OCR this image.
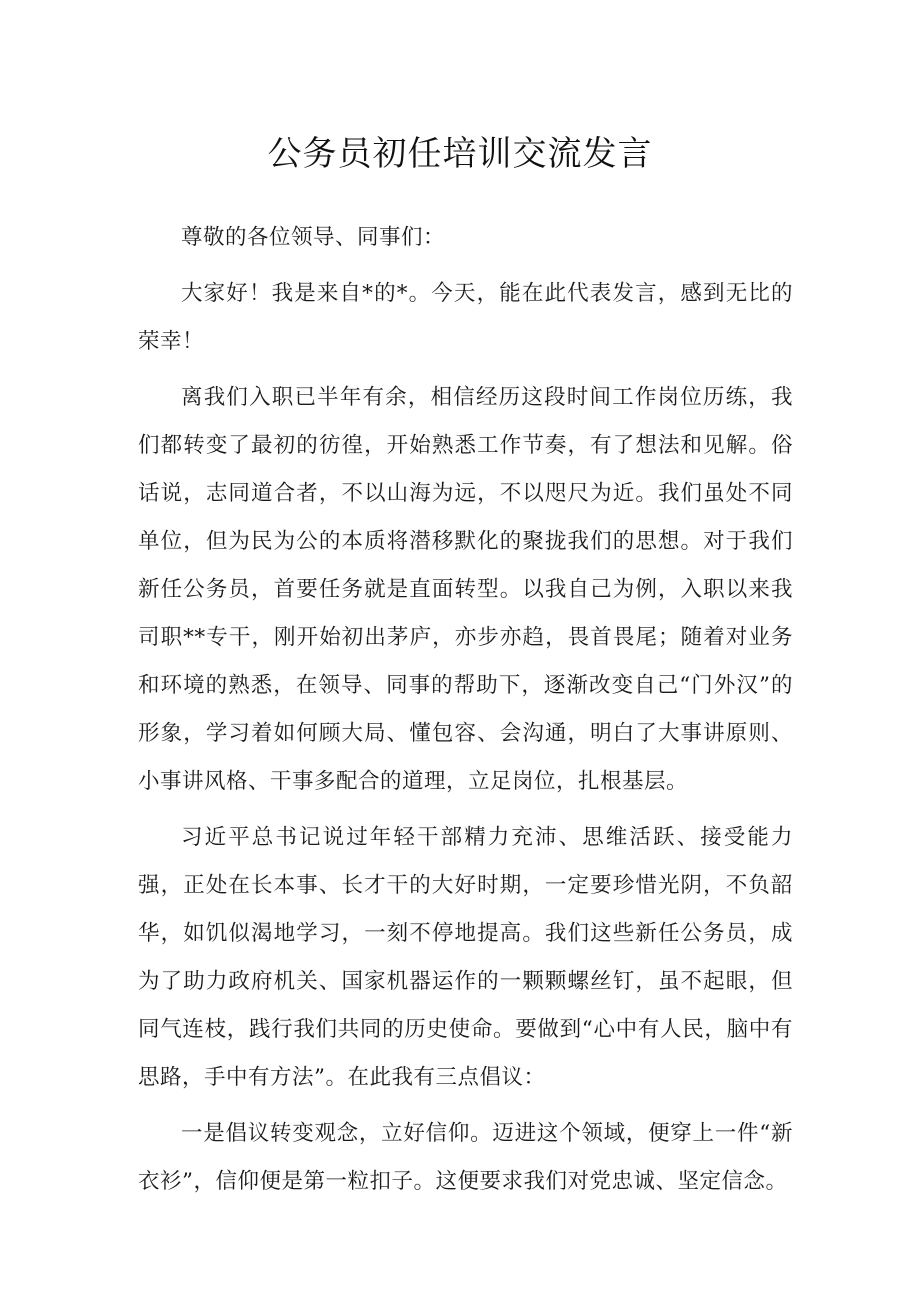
公务员初任培训交流发言

尊敬的各位领导、同事们：

大家好！我是来自*的*。今天，能在此代表发言，感到无比的荣幸！

离我们入职已半年有余，相信经历这段时间工作岗位历练，我们都转变了最初的彷徨，开始熟悉工作节奏，有了想法和见解。俗话说，志同道合者，不以山海为远，不以咫尺为近。我们虽处不同单位，但为民为公的本质将潜移默化的聚拢我们的思想。对于我们新任公务员，首要任务就是直面转型。以我自己为例，入职以来我司职**专干，刚开始初出茅庐，亦步亦趋，畏首畏尾；随着对业务和环境的熟悉，在领导、同事的帮助下，逐渐改变自己“门外汉”的形象，学习着如何顾大局、懂包容、会沟通，明白了大事讲原则、小事讲风格、干事多配合的道理，立足岗位，扎根基层。

习近平总书记说过年轻干部精力充沛、思维活跃、接受能力强，正处在长本事、长才干的大好时期，一定要珍惜光阴，不负韶华，如饥似渴地学习，一刻不停地提高。我们这些新任公务员，成为了助力政府机关、国家机器运作的一颗颗螺丝钉，虽不起眼，但同气连枝，践行我们共同的历史使命。要做到“心中有人民，脑中有思路，手中有方法”。在此我有三点倡议：

一是倡议转变观念，立好信仰。迈进这个领域，便穿上一件“新衣衫”，信仰便是第一粒扣子。这便要求我们对党忠诚、坚定信念。
